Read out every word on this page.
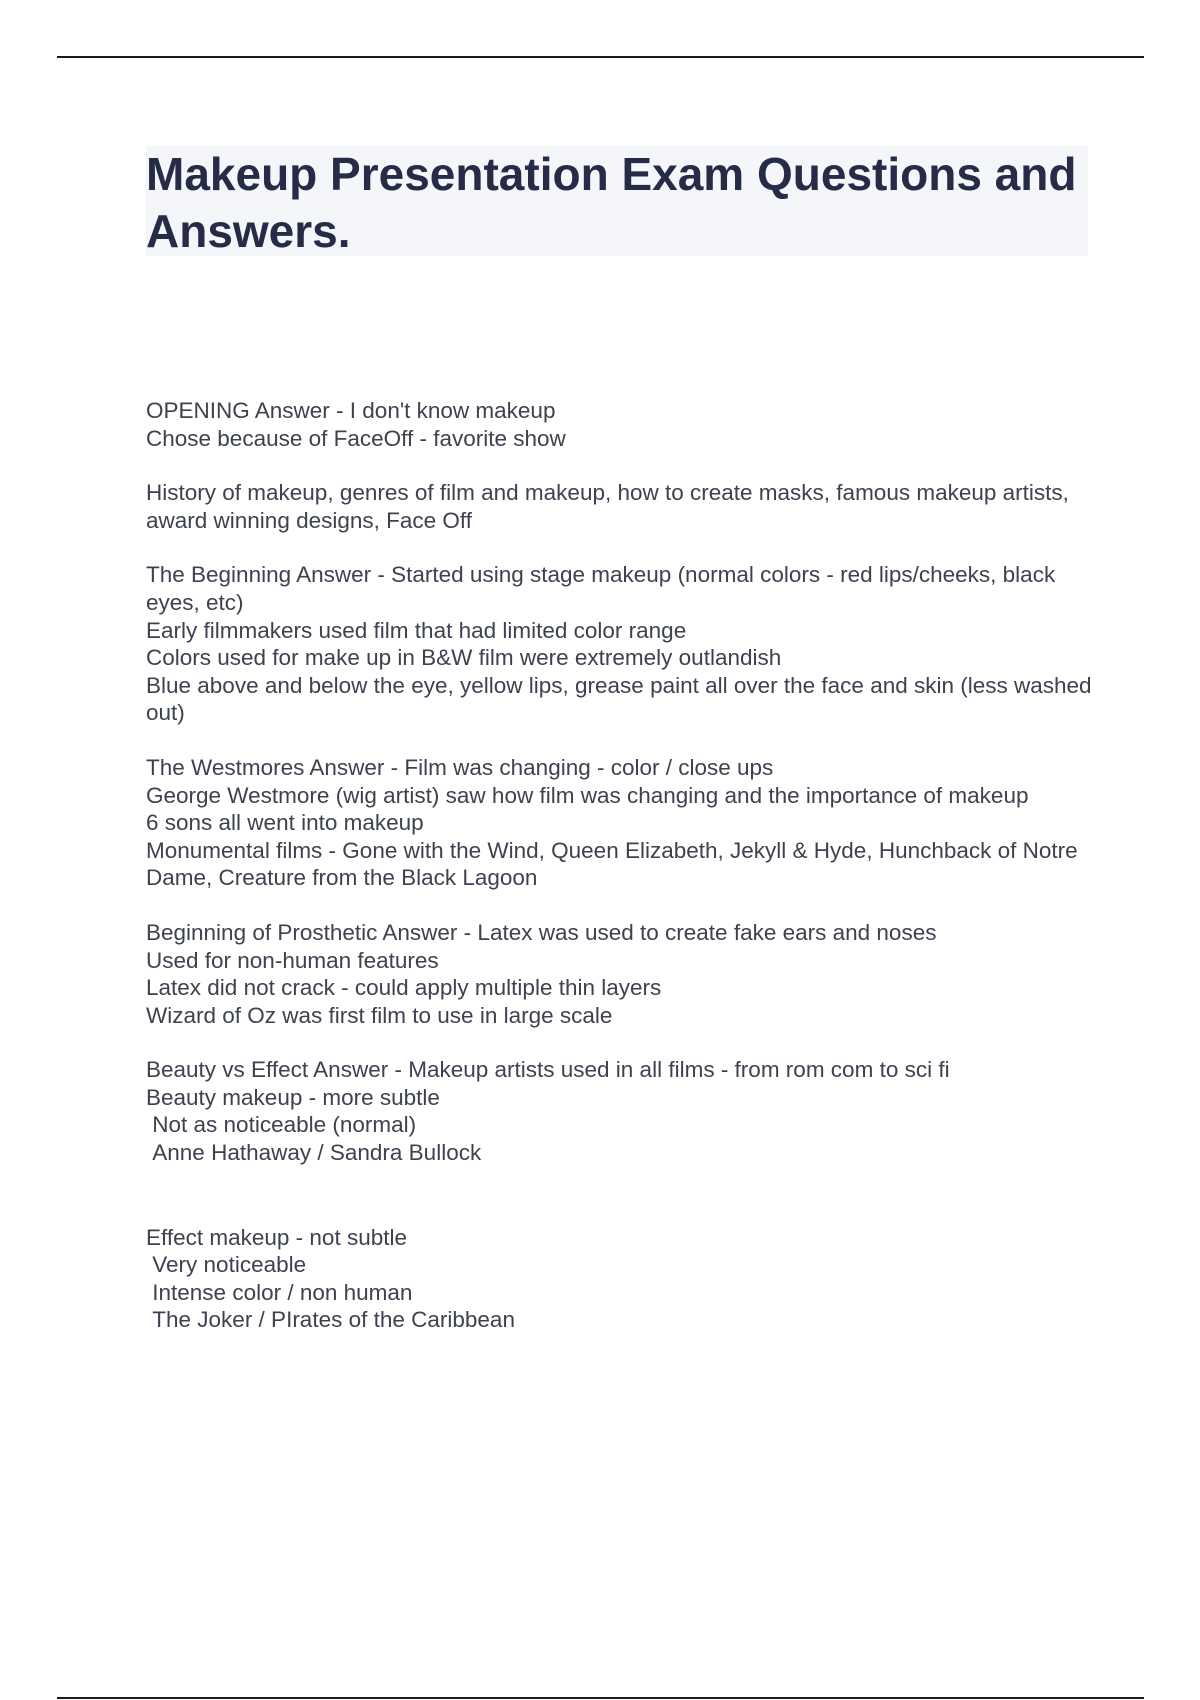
Makeup Presentation Exam Questions and Answers.
OPENING Answer - I don't know makeup
Chose because of FaceOff - favorite show
History of makeup, genres of film and makeup, how to create masks, famous makeup artists, award winning designs, Face Off
The Beginning Answer - Started using stage makeup (normal colors - red lips/cheeks, black eyes, etc)
Early filmmakers used film that had limited color range
Colors used for make up in B&W film were extremely outlandish
Blue above and below the eye, yellow lips, grease paint all over the face and skin (less washed out)
The Westmores Answer - Film was changing - color / close ups
George Westmore (wig artist) saw how film was changing and the importance of makeup
6 sons all went into makeup
Monumental films - Gone with the Wind, Queen Elizabeth, Jekyll & Hyde, Hunchback of Notre Dame, Creature from the Black Lagoon
Beginning of Prosthetic Answer - Latex was used to create fake ears and noses
Used for non-human features
Latex did not crack - could apply multiple thin layers
Wizard of Oz was first film to use in large scale
Beauty vs Effect Answer - Makeup artists used in all films - from rom com to sci fi
Beauty makeup - more subtle
Not as noticeable (normal)
Anne Hathaway / Sandra Bullock
Effect makeup - not subtle
Very noticeable
Intense color / non human
The Joker / PIrates of the Caribbean
